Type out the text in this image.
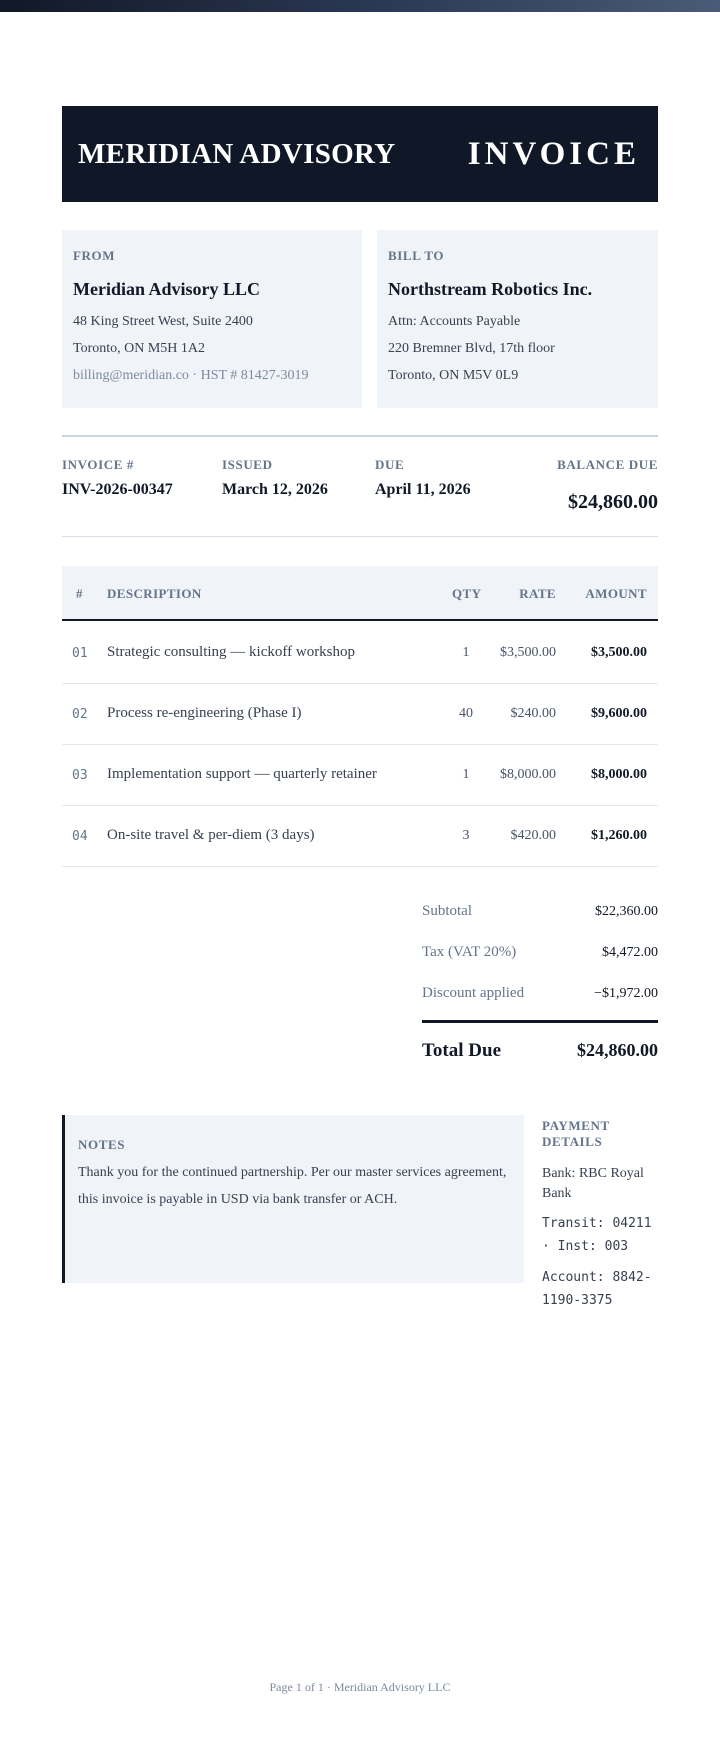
MERIDIAN ADVISORY INVOICE
FROM
Meridian Advisory LLC
48 King Street West, Suite 2400
Toronto, ON M5H 1A2
billing@meridian.co · HST # 81427-3019
BILL TO
Northstream Robotics Inc.
Attn: Accounts Payable
220 Bremner Blvd, 17th floor
Toronto, ON M5V 0L9
INVOICE #
INV-2026-00347
ISSUED
March 12, 2026
DUE
April 11, 2026
BALANCE DUE
$24,860.00
# DESCRIPTION	QTY	RATE AMOUNT
01 Strategic consulting — kickoff workshop	1 $3,500.00	$3,500.00
02 Process re-engineering (Phase I)	40	$240.00	$9,600.00
03 Implementation support — quarterly retainer	1 $8,000.00	$8,000.00
04 On-site travel & per-diem (3 days)	3	$420.00	$1,260.00
Subtotal	$22,360.00
Tax (VAT 20%)	$4,472.00
Discount applied	−$1,972.00
Total Due	$24,860.00
NOTES
Thank you for the continued partnership. Per our master services agreement, this invoice is payable in USD via bank transfer or ACH.
PAYMENT DETAILS
Bank: RBC Royal Bank
Transit: 04211 · Inst: 003
Account: 8842-1190-3375
Page 1 of 1 · Meridian Advisory LLC
